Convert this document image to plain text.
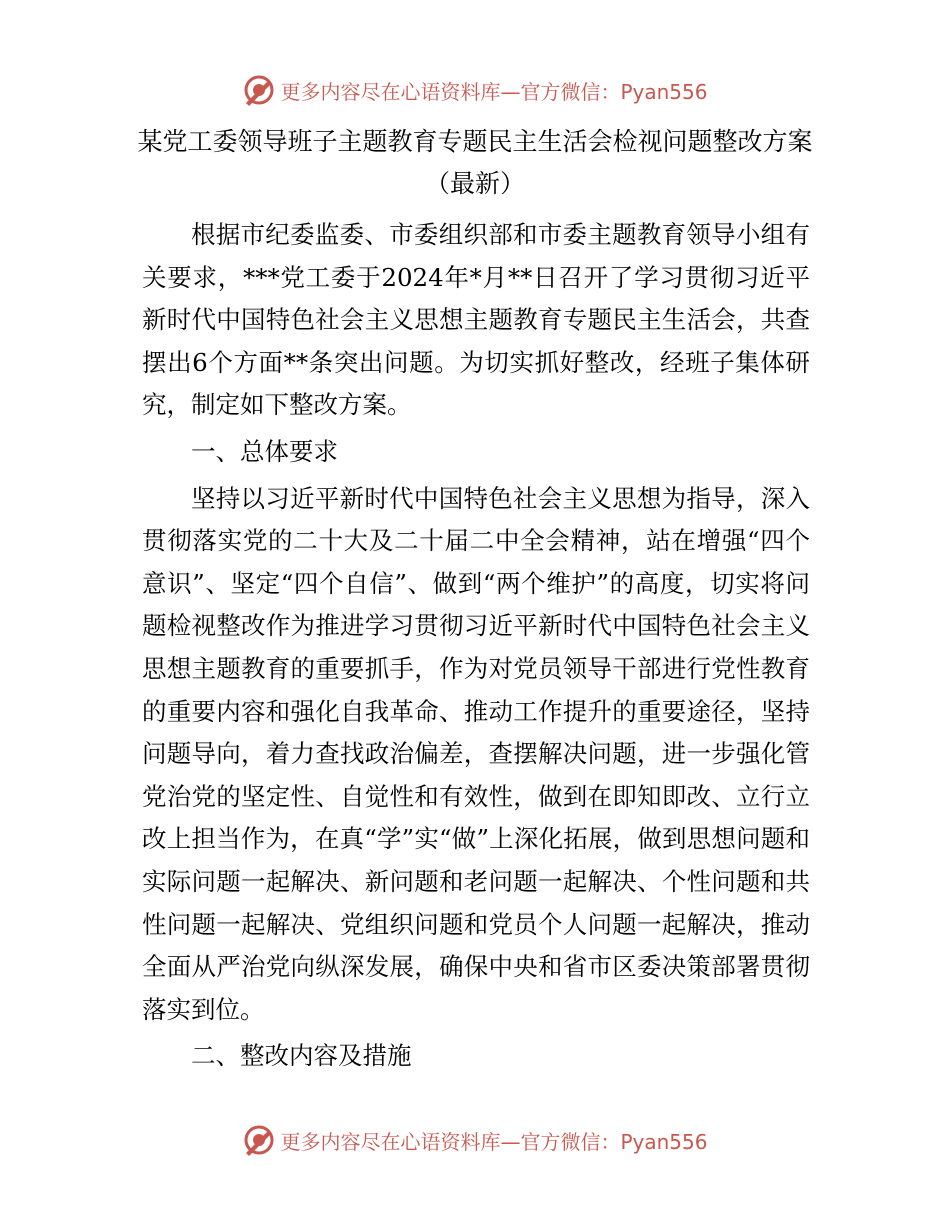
更多内容尽在心语资料库—官方微信：Pyan556
某党工委领导班子主题教育专题民主生活会检视问题整改方案
（最新）

根据市纪委监委、市委组织部和市委主题教育领导小组有关要求，***党工委于2024年*月**日召开了学习贯彻习近平新时代中国特色社会主义思想主题教育专题民主生活会，共查摆出6个方面**条突出问题。为切实抓好整改，经班子集体研究，制定如下整改方案。

一、总体要求

坚持以习近平新时代中国特色社会主义思想为指导，深入贯彻落实党的二十大及二十届二中全会精神，站在增强“四个意识”、坚定“四个自信”、做到“两个维护”的高度，切实将问题检视整改作为推进学习贯彻习近平新时代中国特色社会主义思想主题教育的重要抓手，作为对党员领导干部进行党性教育的重要内容和强化自我革命、推动工作提升的重要途径，坚持问题导向，着力查找政治偏差，查摆解决问题，进一步强化管党治党的坚定性、自觉性和有效性，做到在即知即改、立行立改上担当作为，在真“学”实“做”上深化拓展，做到思想问题和实际问题一起解决、新问题和老问题一起解决、个性问题和共性问题一起解决、党组织问题和党员个人问题一起解决，推动全面从严治党向纵深发展，确保中央和省市区委决策部署贯彻落实到位。

二、整改内容及措施

更多内容尽在心语资料库—官方微信：Pyan556
